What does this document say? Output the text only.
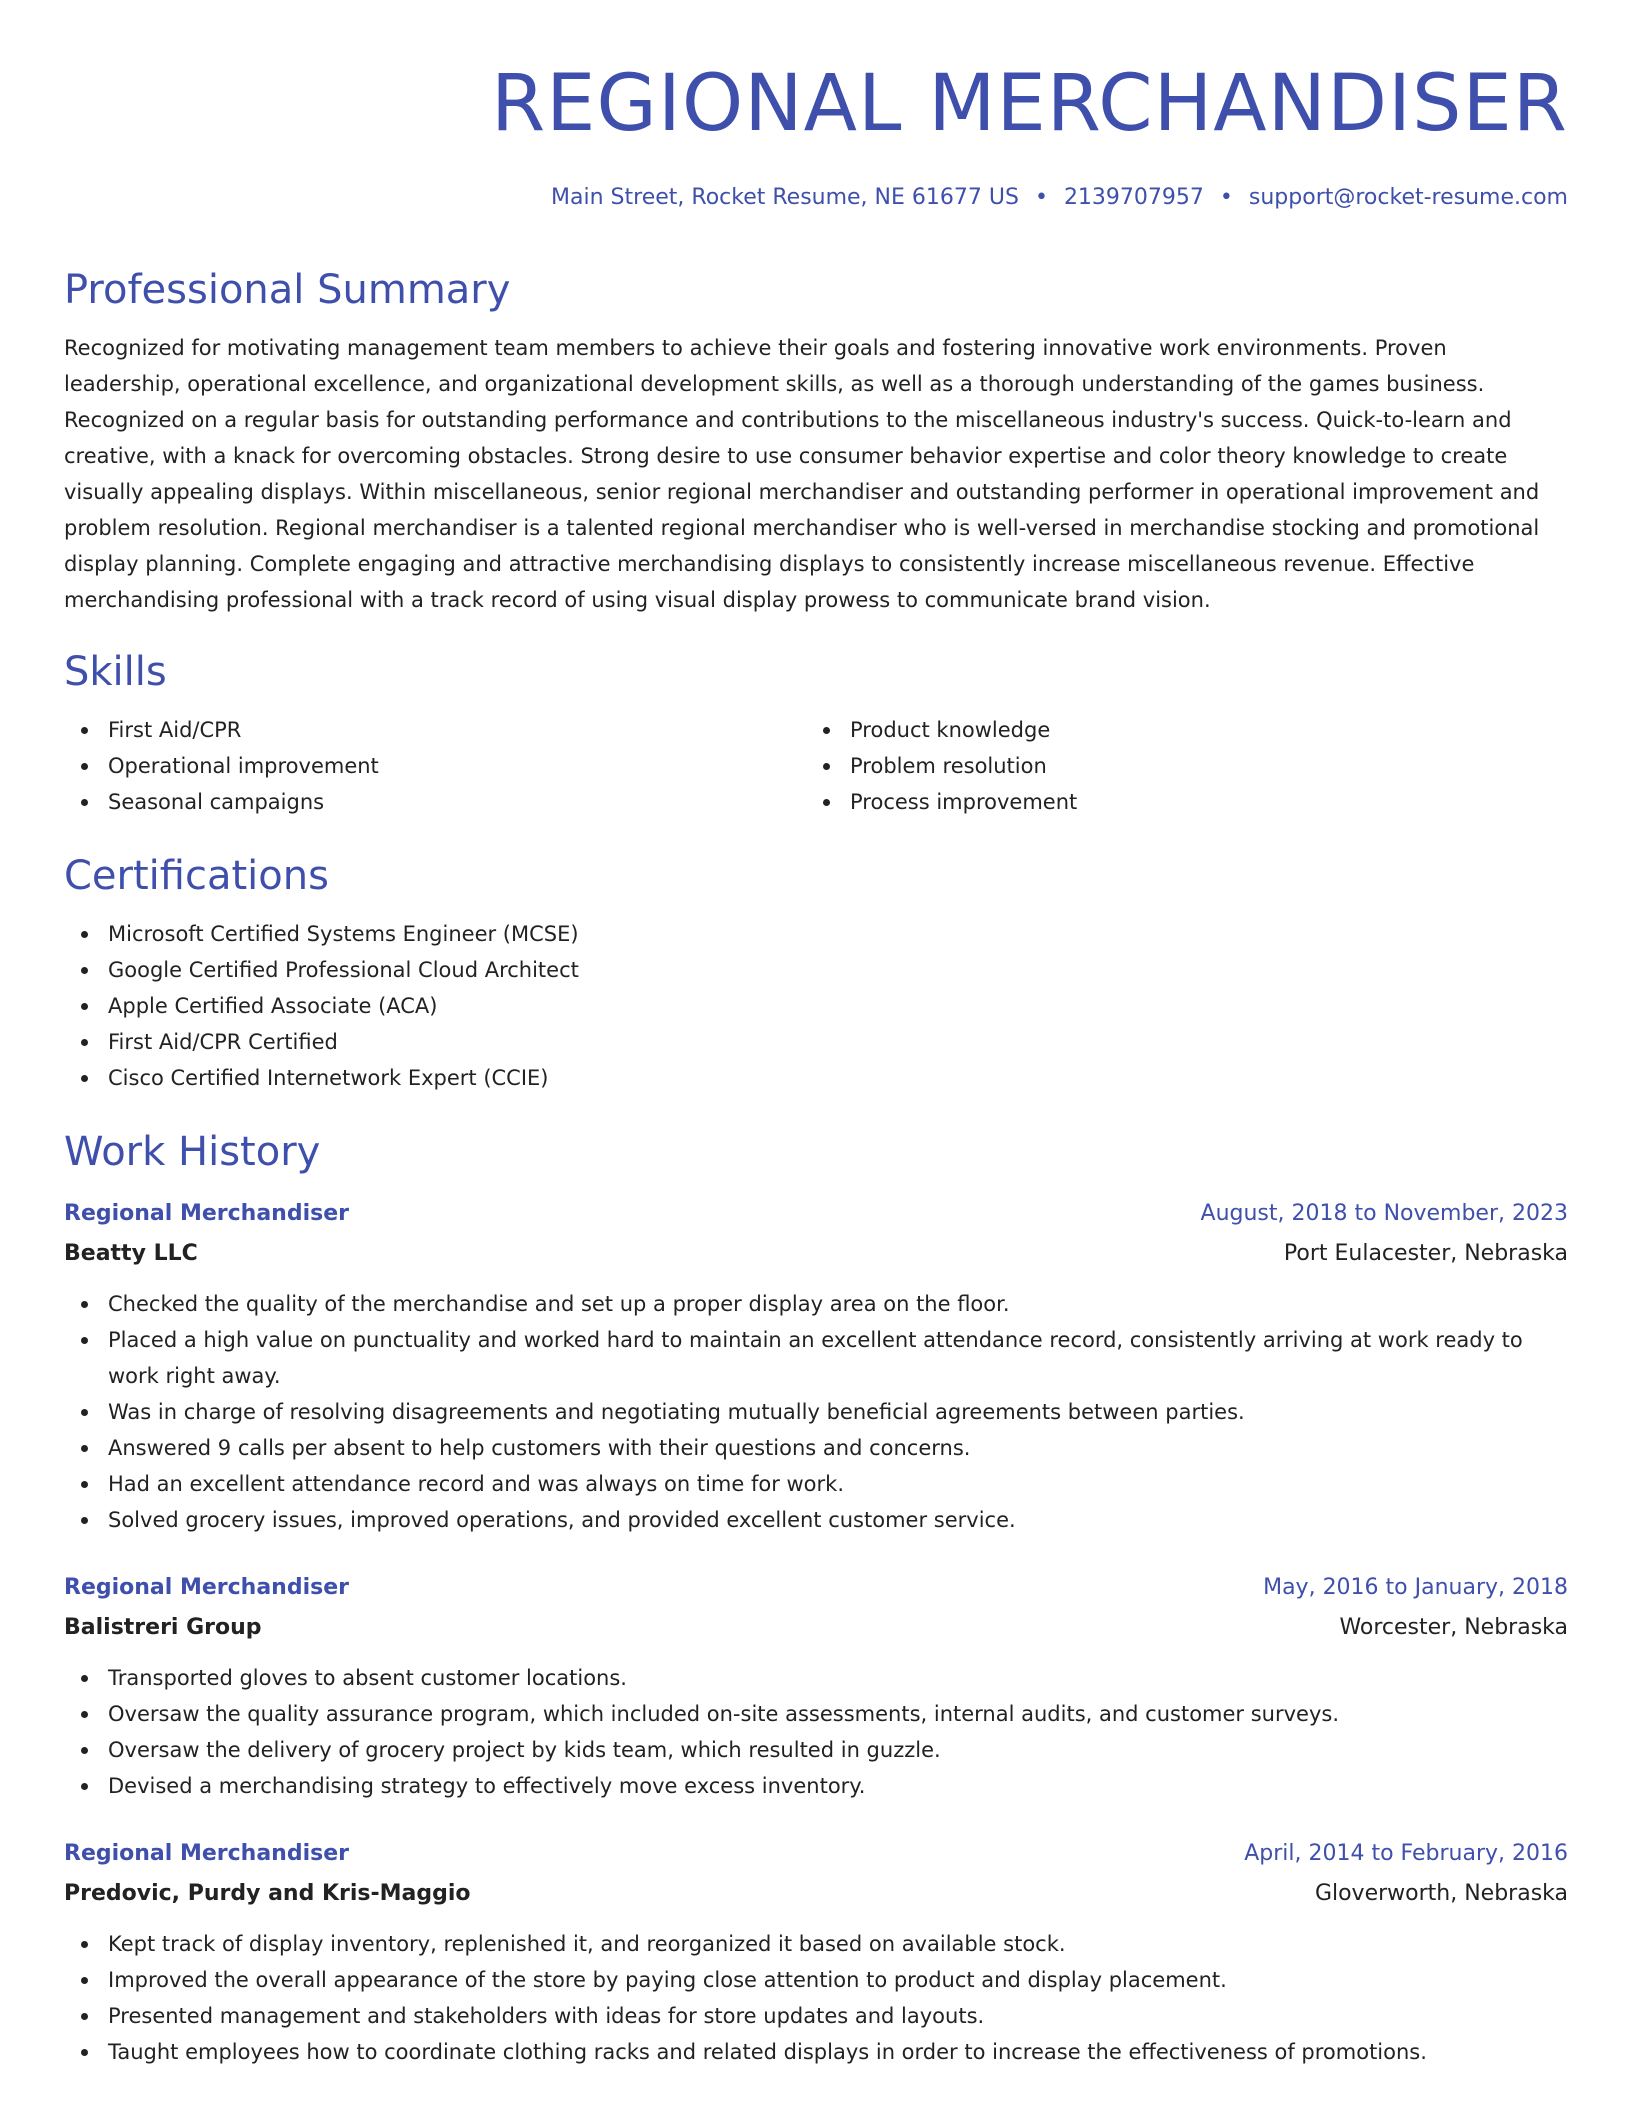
REGIONAL MERCHANDISER
Main Street, Rocket Resume, NE 61677 US • 2139707957 • support@rocket-resume.com
Professional Summary

Recognized for motivating management team members to achieve their goals and fostering innovative work environments. Proven leadership, operational excellence, and organizational development skills, as well as a thorough understanding of the games business. Recognized on a regular basis for outstanding performance and contributions to the miscellaneous industry's success. Quick-to-learn and creative, with a knack for overcoming obstacles. Strong desire to use consumer behavior expertise and color theory knowledge to create visually appealing displays. Within miscellaneous, senior regional merchandiser and outstanding performer in operational improvement and problem resolution. Regional merchandiser is a talented regional merchandiser who is well-versed in merchandise stocking and promotional display planning. Complete engaging and attractive merchandising displays to consistently increase miscellaneous revenue. Effective merchandising professional with a track record of using visual display prowess to communicate brand vision.

Skills
First Aid/CPR
Operational improvement
Seasonal campaigns
Product knowledge
Problem resolution
Process improvement
Certifications
Microsoft Certified Systems Engineer (MCSE)
Google Certified Professional Cloud Architect
Apple Certified Associate (ACA)
First Aid/CPR Certified
Cisco Certified Internetwork Expert (CCIE)
Work History
Regional Merchandiser	August, 2018 to November, 2023
Beatty LLC	Port Eulacester, Nebraska
Checked the quality of the merchandise and set up a proper display area on the floor.
Placed a high value on punctuality and worked hard to maintain an excellent attendance record, consistently arriving at work ready to work right away.
Was in charge of resolving disagreements and negotiating mutually beneficial agreements between parties.
Answered 9 calls per absent to help customers with their questions and concerns.
Had an excellent attendance record and was always on time for work.
Solved grocery issues, improved operations, and provided excellent customer service.
Regional Merchandiser	May, 2016 to January, 2018
Balistreri Group	Worcester, Nebraska
Transported gloves to absent customer locations.
Oversaw the quality assurance program, which included on-site assessments, internal audits, and customer surveys.
Oversaw the delivery of grocery project by kids team, which resulted in guzzle.
Devised a merchandising strategy to effectively move excess inventory.
Regional Merchandiser	April, 2014 to February, 2016
Predovic, Purdy and Kris-Maggio	Gloverworth, Nebraska
Kept track of display inventory, replenished it, and reorganized it based on available stock.
Improved the overall appearance of the store by paying close attention to product and display placement.
Presented management and stakeholders with ideas for store updates and layouts.
Taught employees how to coordinate clothing racks and related displays in order to increase the effectiveness of promotions.
